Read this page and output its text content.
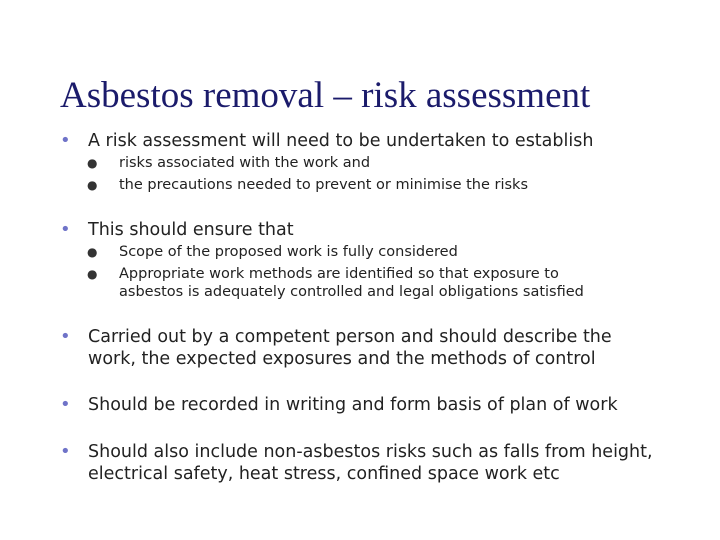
Asbestos removal – risk assessment
• A risk assessment will need to be undertaken to establish
● risks associated with the work and
● the precautions needed to prevent or minimise the risks
• This should ensure that
● Scope of the proposed work is fully considered
● Appropriate work methods are identified so that exposure to asbestos is adequately controlled and legal obligations satisfied
• Carried out by a competent person and should describe the work, the expected exposures and the methods of control
• Should be recorded in writing and form basis of plan of work
• Should also include non-asbestos risks such as falls from height, electrical safety, heat stress, confined space work etc
